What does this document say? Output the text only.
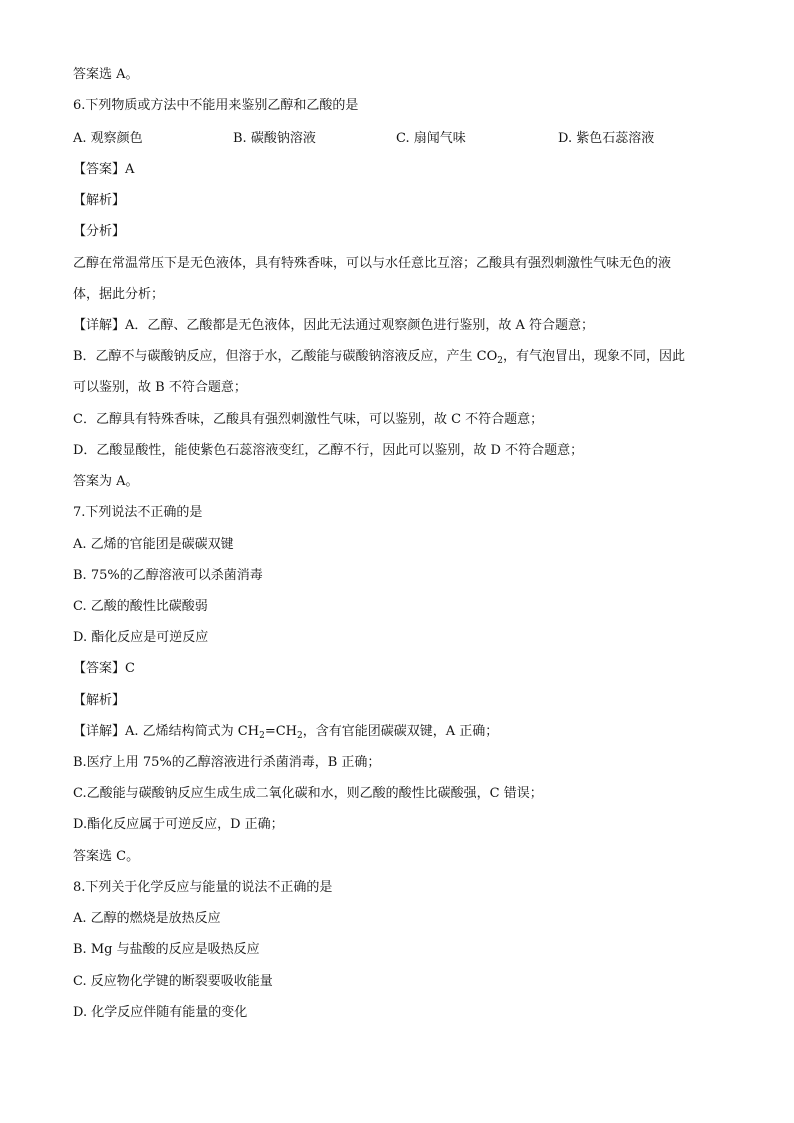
答案选 A。
6.下列物质或方法中不能用来鉴别乙醇和乙酸的是
A. 观察颜色	B. 碳酸钠溶液	C. 扇闻气味	D. 紫色石蕊溶液
【答案】A
【解析】
【分析】
乙醇在常温常压下是无色液体，具有特殊香味，可以与水任意比互溶；乙酸具有强烈刺激性气味无色的液
体，据此分析；
【详解】A．乙醇、乙酸都是无色液体，因此无法通过观察颜色进行鉴别，故 A 符合题意；
B．乙醇不与碳酸钠反应，但溶于水，乙酸能与碳酸钠溶液反应，产生 $CO_2$，有气泡冒出，现象不同，因此
可以鉴别，故 B 不符合题意；
C．乙醇具有特殊香味，乙酸具有强烈刺激性气味，可以鉴别，故 C 不符合题意；
D．乙酸显酸性，能使紫色石蕊溶液变红，乙醇不行，因此可以鉴别，故 D 不符合题意；
答案为 A。
7.下列说法不正确的是
A. 乙烯的官能团是碳碳双键
B. 75%的乙醇溶液可以杀菌消毒
C. 乙酸的酸性比碳酸弱
D. 酯化反应是可逆反应
【答案】C
【解析】
【详解】A. 乙烯结构简式为 $CH_2=CH_2$，含有官能团碳碳双键，A 正确；
B.医疗上用 75%的乙醇溶液进行杀菌消毒，B 正确；
C.乙酸能与碳酸钠反应生成生成二氧化碳和水，则乙酸的酸性比碳酸强，C 错误；
D.酯化反应属于可逆反应，D 正确；
答案选 C。
8.下列关于化学反应与能量的说法不正确的是
A. 乙醇的燃烧是放热反应
B. Mg 与盐酸的反应是吸热反应
C. 反应物化学键的断裂要吸收能量
D. 化学反应伴随有能量的变化
